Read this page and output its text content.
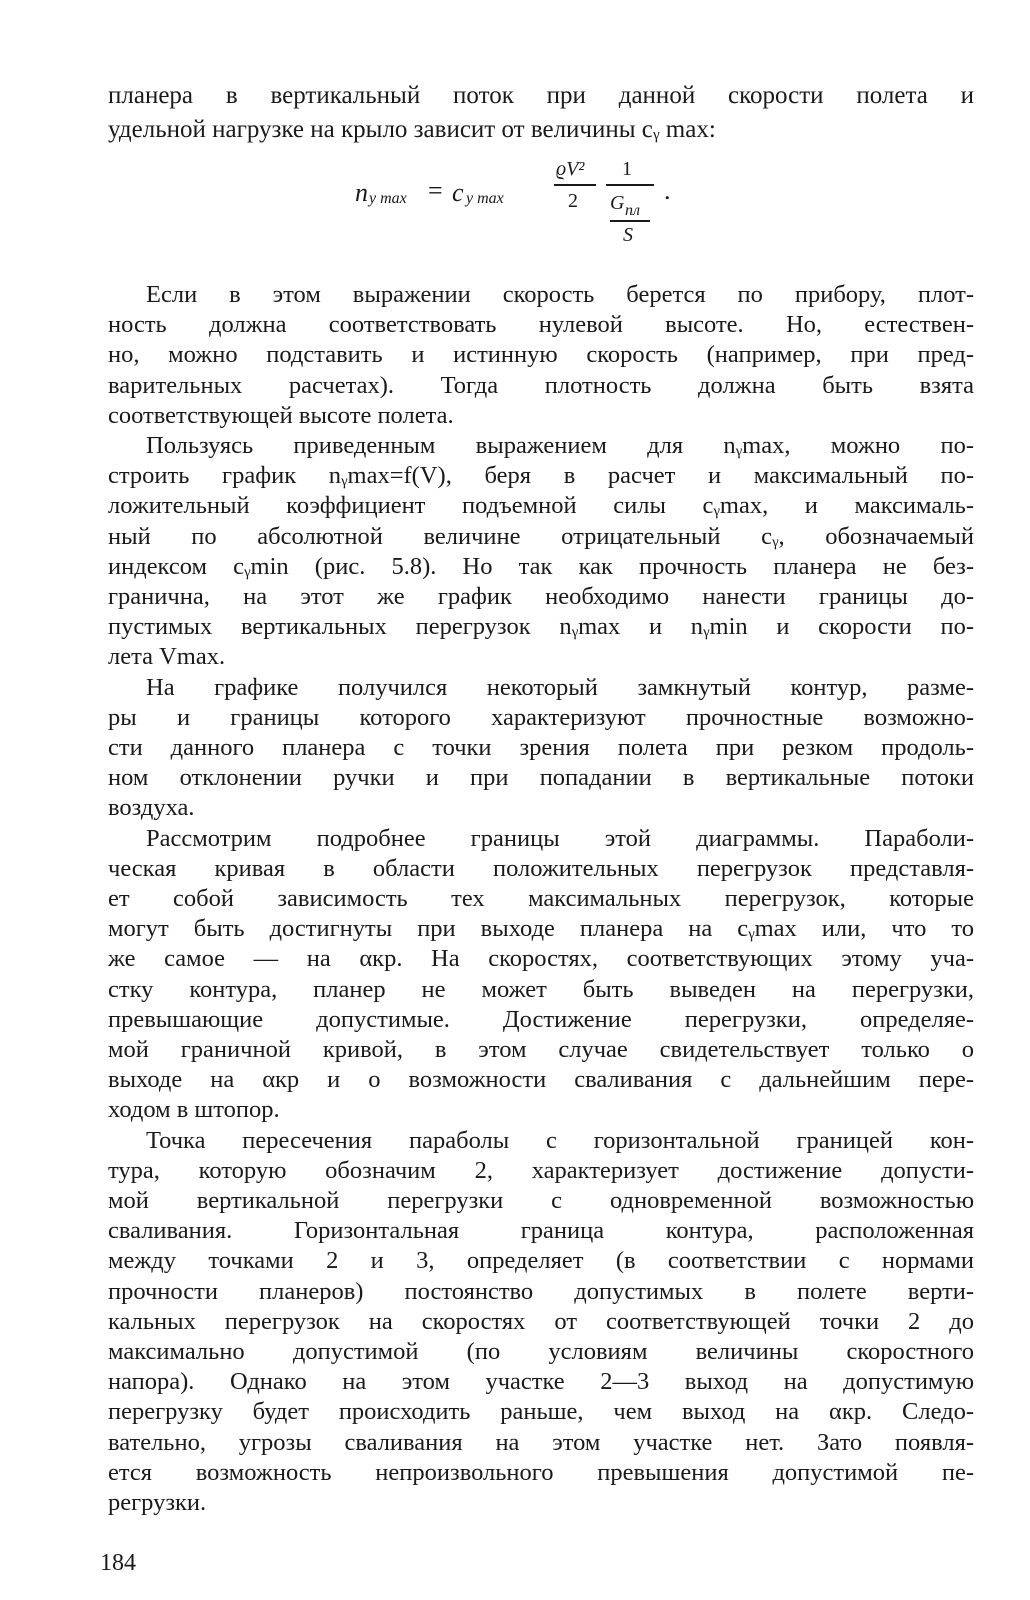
планера в вертикальный поток при данной скорости полета и
удельной нагрузке на крыло зависит от величины cᵧ max:
n y max = c y max
ϱV²
2
1
G пл
S
.
Если в этом выражении скорость берется по прибору, плот-
ность должна соответствовать нулевой высоте. Но, естествен-
но, можно подставить и истинную скорость (например, при пред-
варительных расчетах). Тогда плотность должна быть взята
соответствующей высоте полета.
Пользуясь приведенным выражением для nᵧmax, можно по-
строить график nᵧmax=f(V), беря в расчет и максимальный по-
ложительный коэффициент подъемной силы cᵧmax, и максималь-
ный по абсолютной величине отрицательный cᵧ, обозначаемый
индексом cᵧmin (рис. 5.8). Но так как прочность планера не без-
гранична, на этот же график необходимо нанести границы до-
пустимых вертикальных перегрузок nᵧmax и nᵧmin и скорости по-
лета Vmax.
На графике получился некоторый замкнутый контур, разме-
ры и границы которого характеризуют прочностные возможно-
сти данного планера с точки зрения полета при резком продоль-
ном отклонении ручки и при попадании в вертикальные потоки
воздуха.
Рассмотрим подробнее границы этой диаграммы. Параболи-
ческая кривая в области положительных перегрузок представля-
ет собой зависимость тех максимальных перегрузок, которые
могут быть достигнуты при выходе планера на cᵧmax или, что то
же самое — на αкр. На скоростях, соответствующих этому уча-
стку контура, планер не может быть выведен на перегрузки,
превышающие допустимые. Достижение перегрузки, определяе-
мой граничной кривой, в этом случае свидетельствует только о
выходе на αкр и о возможности сваливания с дальнейшим пере-
ходом в штопор.
Точка пересечения параболы с горизонтальной границей кон-
тура, которую обозначим 2, характеризует достижение допусти-
мой вертикальной перегрузки с одновременной возможностью
сваливания. Горизонтальная граница контура, расположенная
между точками 2 и 3, определяет (в соответствии с нормами
прочности планеров) постоянство допустимых в полете верти-
кальных перегрузок на скоростях от соответствующей точки 2 до
максимально допустимой (по условиям величины скоростного
напора). Однако на этом участке 2—3 выход на допустимую
перегрузку будет происходить раньше, чем выход на αкр. Следо-
вательно, угрозы сваливания на этом участке нет. Зато появля-
ется возможность непроизвольного превышения допустимой пе-
регрузки.
184
